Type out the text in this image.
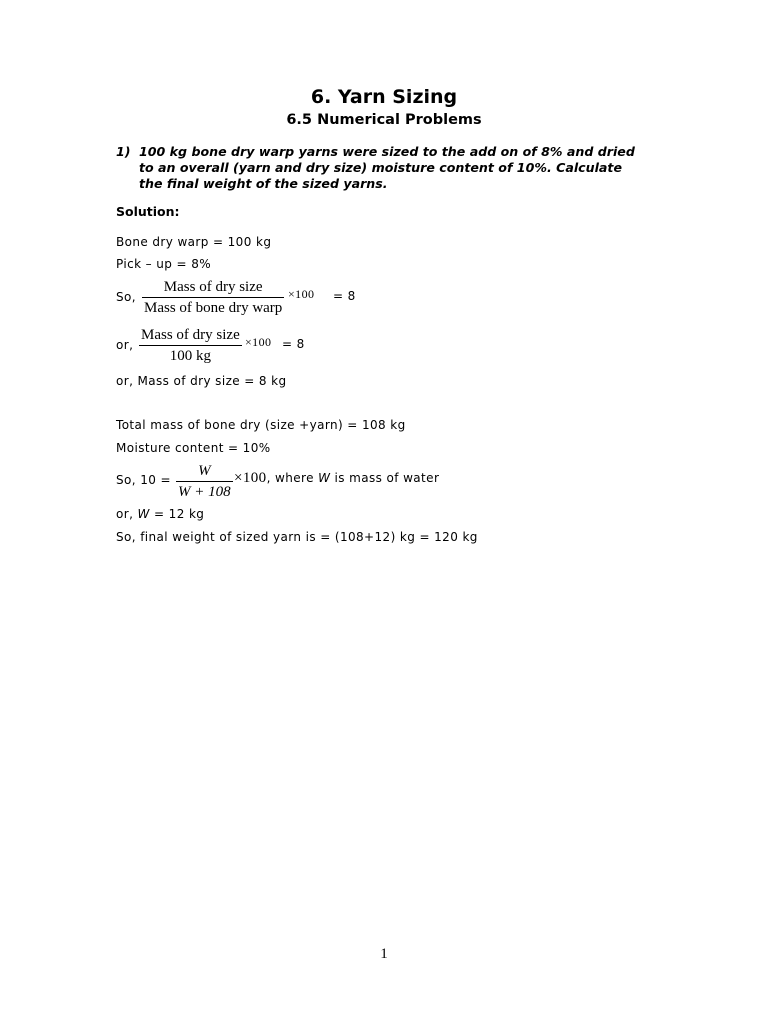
6. Yarn Sizing
6.5 Numerical Problems
1) 100 kg bone dry warp yarns were sized to the add on of 8% and dried
to an overall (yarn and dry size) moisture content of 10%. Calculate
the final weight of the sized yarns.
Solution:
Bone dry warp = 100 kg
Pick – up = 8%
So,
Mass of dry size
Mass of bone dry warp
×100 = 8
or,
Mass of dry size
100 kg
×100 = 8
or, Mass of dry size = 8 kg
Total mass of bone dry (size +yarn) = 108 kg
Moisture content = 10%
So, $10 = \frac{W}{W + 108} \times 100$, where W is mass of water
or, W = 12 kg
So, final weight of sized yarn is = (108+12) kg = 120 kg
1
